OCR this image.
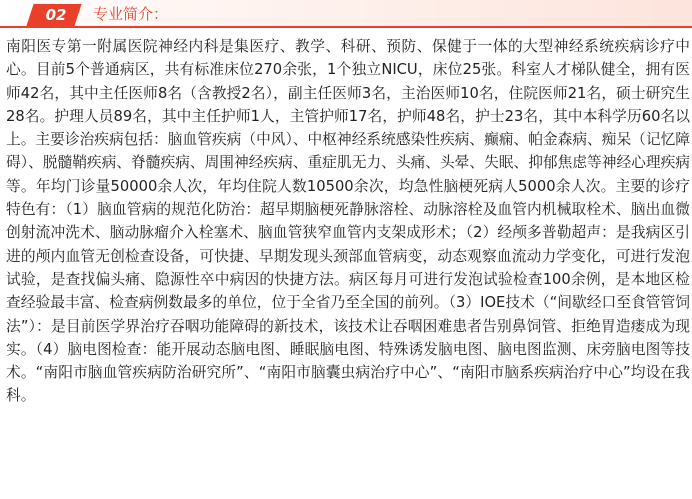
02	专业简介：

南阳医专第一附属医院神经内科是集医疗、教学、科研、预防、保健于一体的大型神经系统疾病诊疗中心。目前5个普通病区，共有标准床位270余张，1个独立NICU，床位25张。科室人才梯队健全，拥有医师42名，其中主任医师8名（含教授2名），副主任医师3名，主治医师10名，住院医师21名，硕士研究生28名。护理人员89名，其中主任护师1人，主管护师17名，护师48名，护士23名，其中本科学历60名以上。主要诊治疾病包括：脑血管疾病（中风）、中枢神经系统感染性疾病、癫痫、帕金森病、痴呆（记忆障碍）、脱髓鞘疾病、脊髓疾病、周围神经疾病、重症肌无力、头痛、头晕、失眠、抑郁焦虑等神经心理疾病等。年均门诊量50000余人次，年均住院人数10500余次，均急性脑梗死病人5000余人次。主要的诊疗特色有：（1）脑血管病的规范化防治：超早期脑梗死静脉溶栓、动脉溶栓及血管内机械取栓术、脑出血微创射流冲洗术、脑动脉瘤介入栓塞术、脑血管狭窄血管内支架成形术；（2）经颅多普勒超声：是我病区引进的颅内血管无创检查设备，可快捷、早期发现头颈部血管病变，动态观察血流动力学变化，可进行发泡试验，是查找偏头痛、隐源性卒中病因的快捷方法。病区每月可进行发泡试验检查100余例，是本地区检查经验最丰富、检查病例数最多的单位，位于全省乃至全国的前列。（3）IOE技术（“间歇经口至食管管饲法”）：是目前医学界治疗吞咽功能障碍的新技术，该技术让吞咽困难患者告别鼻饲管、拒绝胃造瘘成为现实。（4）脑电图检查：能开展动态脑电图、睡眠脑电图、特殊诱发脑电图、脑电图监测、床旁脑电图等技术。“南阳市脑血管疾病防治研究所”、“南阳市脑囊虫病治疗中心”、“南阳市脑系疾病治疗中心”均设在我科。
